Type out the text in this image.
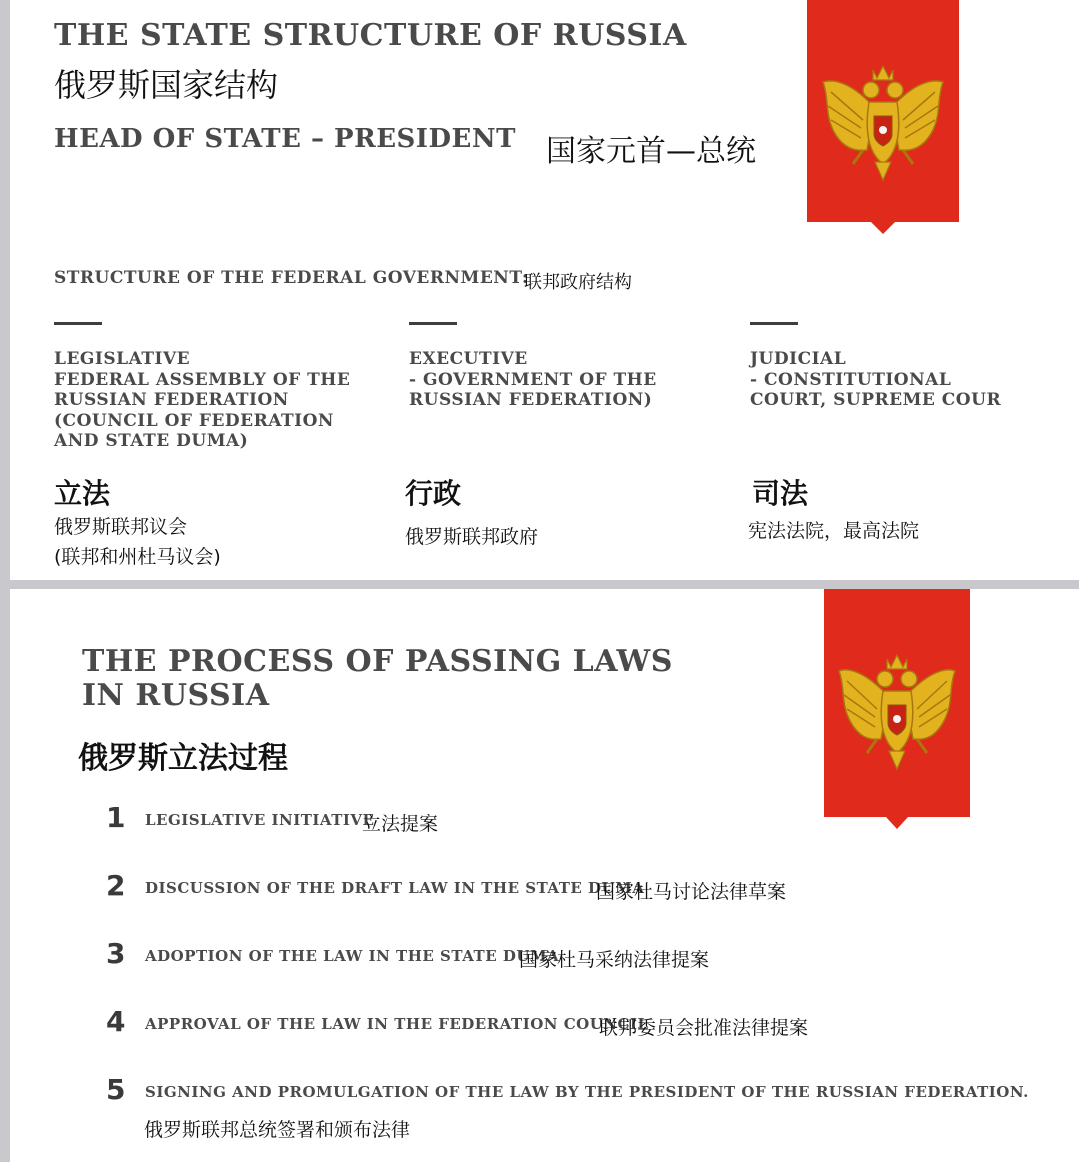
THE STATE STRUCTURE OF RUSSIA
俄罗斯国家结构
HEAD OF STATE – PRESIDENT 国家元首—总统
STRUCTURE OF THE FEDERAL GOVERNMENT:
联邦政府结构
LEGISLATIVE
FEDERAL ASSEMBLY OF THE
RUSSIAN FEDERATION
(COUNCIL OF FEDERATION
AND STATE DUMA)
立法
俄罗斯联邦议会
(联邦和州杜马议会)
EXECUTIVE
- GOVERNMENT OF THE
RUSSIAN FEDERATION)
行政
俄罗斯联邦政府
JUDICIAL
- CONSTITUTIONAL
COURT, SUPREME COUR
司法
宪法法院，最高法院
THE PROCESS OF PASSING LAWS
IN RUSSIA
俄罗斯立法过程
1 LEGISLATIVE INITIATIVE
立法提案
2 DISCUSSION OF THE DRAFT LAW IN THE STATE DUMA
国家杜马讨论法律草案
3 ADOPTION OF THE LAW IN THE STATE DUMA
国家杜马采纳法律提案
4 APPROVAL OF THE LAW IN THE FEDERATION COUNCIL
联邦委员会批准法律提案
5 SIGNING AND PROMULGATION OF THE LAW BY THE PRESIDENT OF THE RUSSIAN FEDERATION.
俄罗斯联邦总统签署和颁布法律
